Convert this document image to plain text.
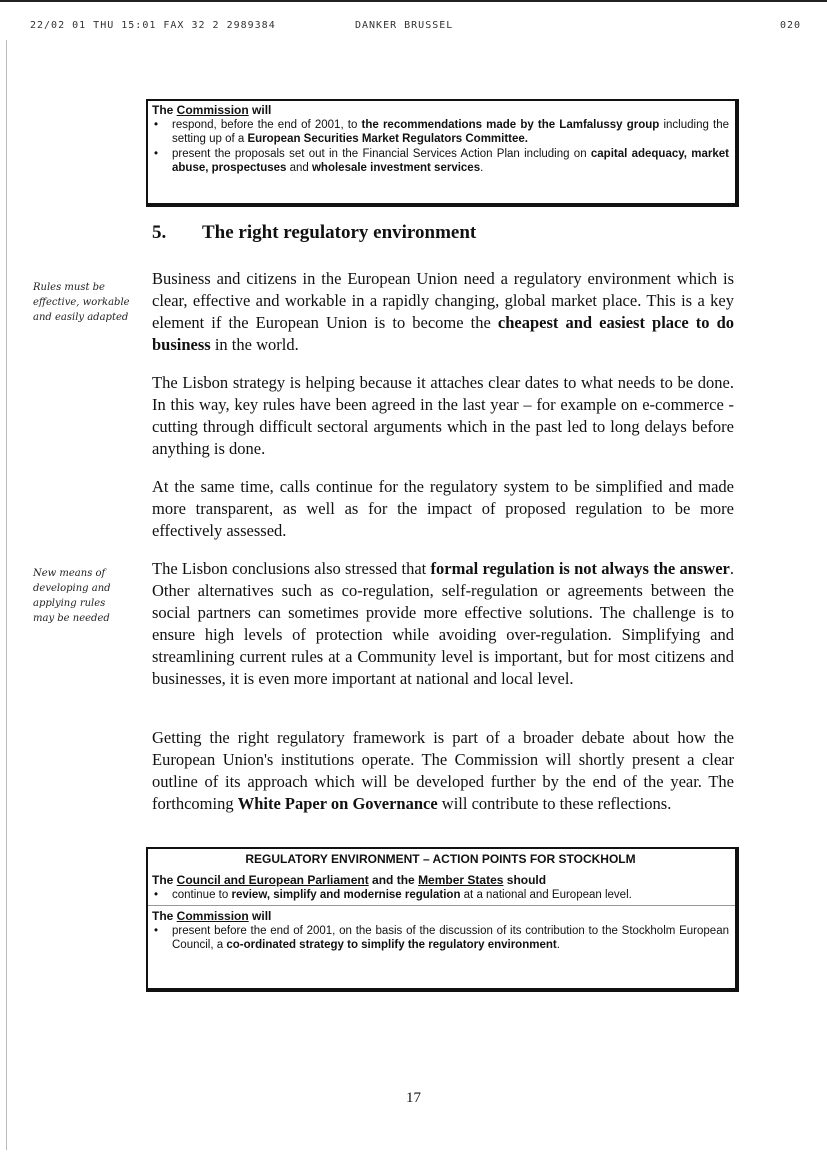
22/02 01 THU 15:01 FAX 32 2 2989384	DANKER BRUSSEL	020
The Commission will
• respond, before the end of 2001, to the recommendations made by the Lamfalussy group including the setting up of a European Securities Market Regulators Committee.
• present the proposals set out in the Financial Services Action Plan including on capital adequacy, market abuse, prospectuses and wholesale investment services.
5. The right regulatory environment
Rules must be
effective, workable
and easily adapted
New means of
developing and
applying rules
may be needed
Business and citizens in the European Union need a regulatory environment which is clear, effective and workable in a rapidly changing, global market place. This is a key element if the European Union is to become the cheapest and easiest place to do business in the world.
The Lisbon strategy is helping because it attaches clear dates to what needs to be done. In this way, key rules have been agreed in the last year – for example on e-commerce - cutting through difficult sectoral arguments which in the past led to long delays before anything is done.
At the same time, calls continue for the regulatory system to be simplified and made more transparent, as well as for the impact of proposed regulation to be more effectively assessed.
The Lisbon conclusions also stressed that formal regulation is not always the answer. Other alternatives such as co-regulation, self-regulation or agreements between the social partners can sometimes provide more effective solutions. The challenge is to ensure high levels of protection while avoiding over-regulation. Simplifying and streamlining current rules at a Community level is important, but for most citizens and businesses, it is even more important at national and local level.
Getting the right regulatory framework is part of a broader debate about how the European Union's institutions operate. The Commission will shortly present a clear outline of its approach which will be developed further by the end of the year. The forthcoming White Paper on Governance will contribute to these reflections.
REGULATORY ENVIRONMENT – ACTION POINTS FOR STOCKHOLM
The Council and European Parliament and the Member States should
• continue to review, simplify and modernise regulation at a national and European level.
The Commission will
• present before the end of 2001, on the basis of the discussion of its contribution to the Stockholm European Council, a co-ordinated strategy to simplify the regulatory environment.
17
